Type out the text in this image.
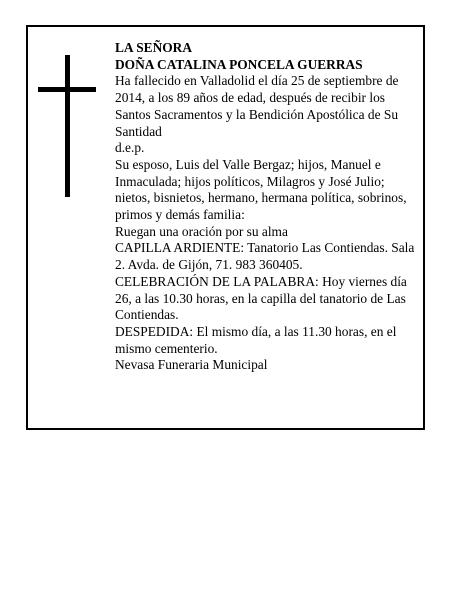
LA SEÑORA

DOÑA CATALINA PONCELA GUERRAS

Ha fallecido en Valladolid el día 25 de septiembre de 2014, a los 89 años de edad, después de recibir los Santos Sacramentos y la Bendición Apostólica de Su Santidad

d.e.p.

Su esposo, Luis del Valle Bergaz; hijos, Manuel e Inmaculada; hijos políticos, Milagros y José Julio; nietos, bisnietos, hermano, hermana política, sobrinos, primos y demás familia:

Ruegan una oración por su alma

CAPILLA ARDIENTE: Tanatorio Las Contiendas. Sala 2. Avda. de Gijón, 71. 983 360405.

CELEBRACIÓN DE LA PALABRA: Hoy viernes día 26, a las 10.30 horas, en la capilla del tanatorio de Las Contiendas.

DESPEDIDA: El mismo día, a las 11.30 horas, en el mismo cementerio.

Nevasa Funeraria Municipal
